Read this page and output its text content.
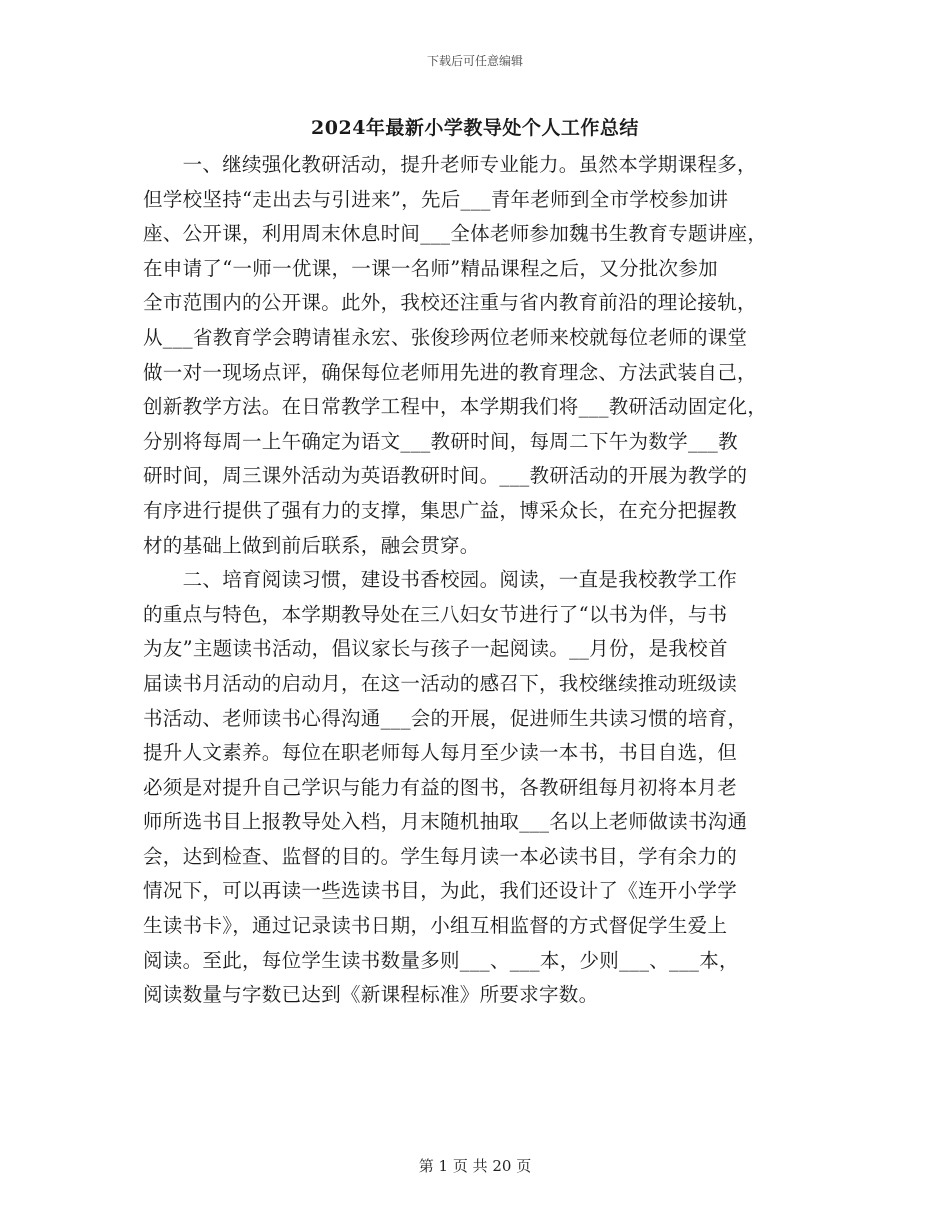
下载后可任意编辑
2024年最新小学教导处个人工作总结
　　一、继续强化教研活动，提升老师专业能力。虽然本学期课程多，
但学校坚持“走出去与引进来”，先后___青年老师到全市学校参加讲
座、公开课，利用周末休息时间___全体老师参加魏书生教育专题讲座，
在申请了“一师一优课，一课一名师”精品课程之后，又分批次参加
全市范围内的公开课。此外，我校还注重与省内教育前沿的理论接轨，
从___省教育学会聘请崔永宏、张俊珍两位老师来校就每位老师的课堂
做一对一现场点评，确保每位老师用先进的教育理念、方法武装自己，
创新教学方法。在日常教学工程中，本学期我们将___教研活动固定化，
分别将每周一上午确定为语文___教研时间，每周二下午为数学___教
研时间，周三课外活动为英语教研时间。___教研活动的开展为教学的
有序进行提供了强有力的支撑，集思广益，博采众长，在充分把握教
材的基础上做到前后联系，融会贯穿。
　　二、培育阅读习惯，建设书香校园。阅读，一直是我校教学工作
的重点与特色，本学期教导处在三八妇女节进行了“以书为伴，与书
为友”主题读书活动，倡议家长与孩子一起阅读。__月份，是我校首
届读书月活动的启动月，在这一活动的感召下，我校继续推动班级读
书活动、老师读书心得沟通___会的开展，促进师生共读习惯的培育，
提升人文素养。每位在职老师每人每月至少读一本书，书目自选，但
必须是对提升自己学识与能力有益的图书，各教研组每月初将本月老
师所选书目上报教导处入档，月末随机抽取___名以上老师做读书沟通
会，达到检查、监督的目的。学生每月读一本必读书目，学有余力的
情况下，可以再读一些选读书目，为此，我们还设计了《连开小学学
生读书卡》，通过记录读书日期，小组互相监督的方式督促学生爱上
阅读。至此，每位学生读书数量多则___、___本，少则___、___本，
阅读数量与字数已达到《新课程标准》所要求字数。
第 1 页 共 20 页
